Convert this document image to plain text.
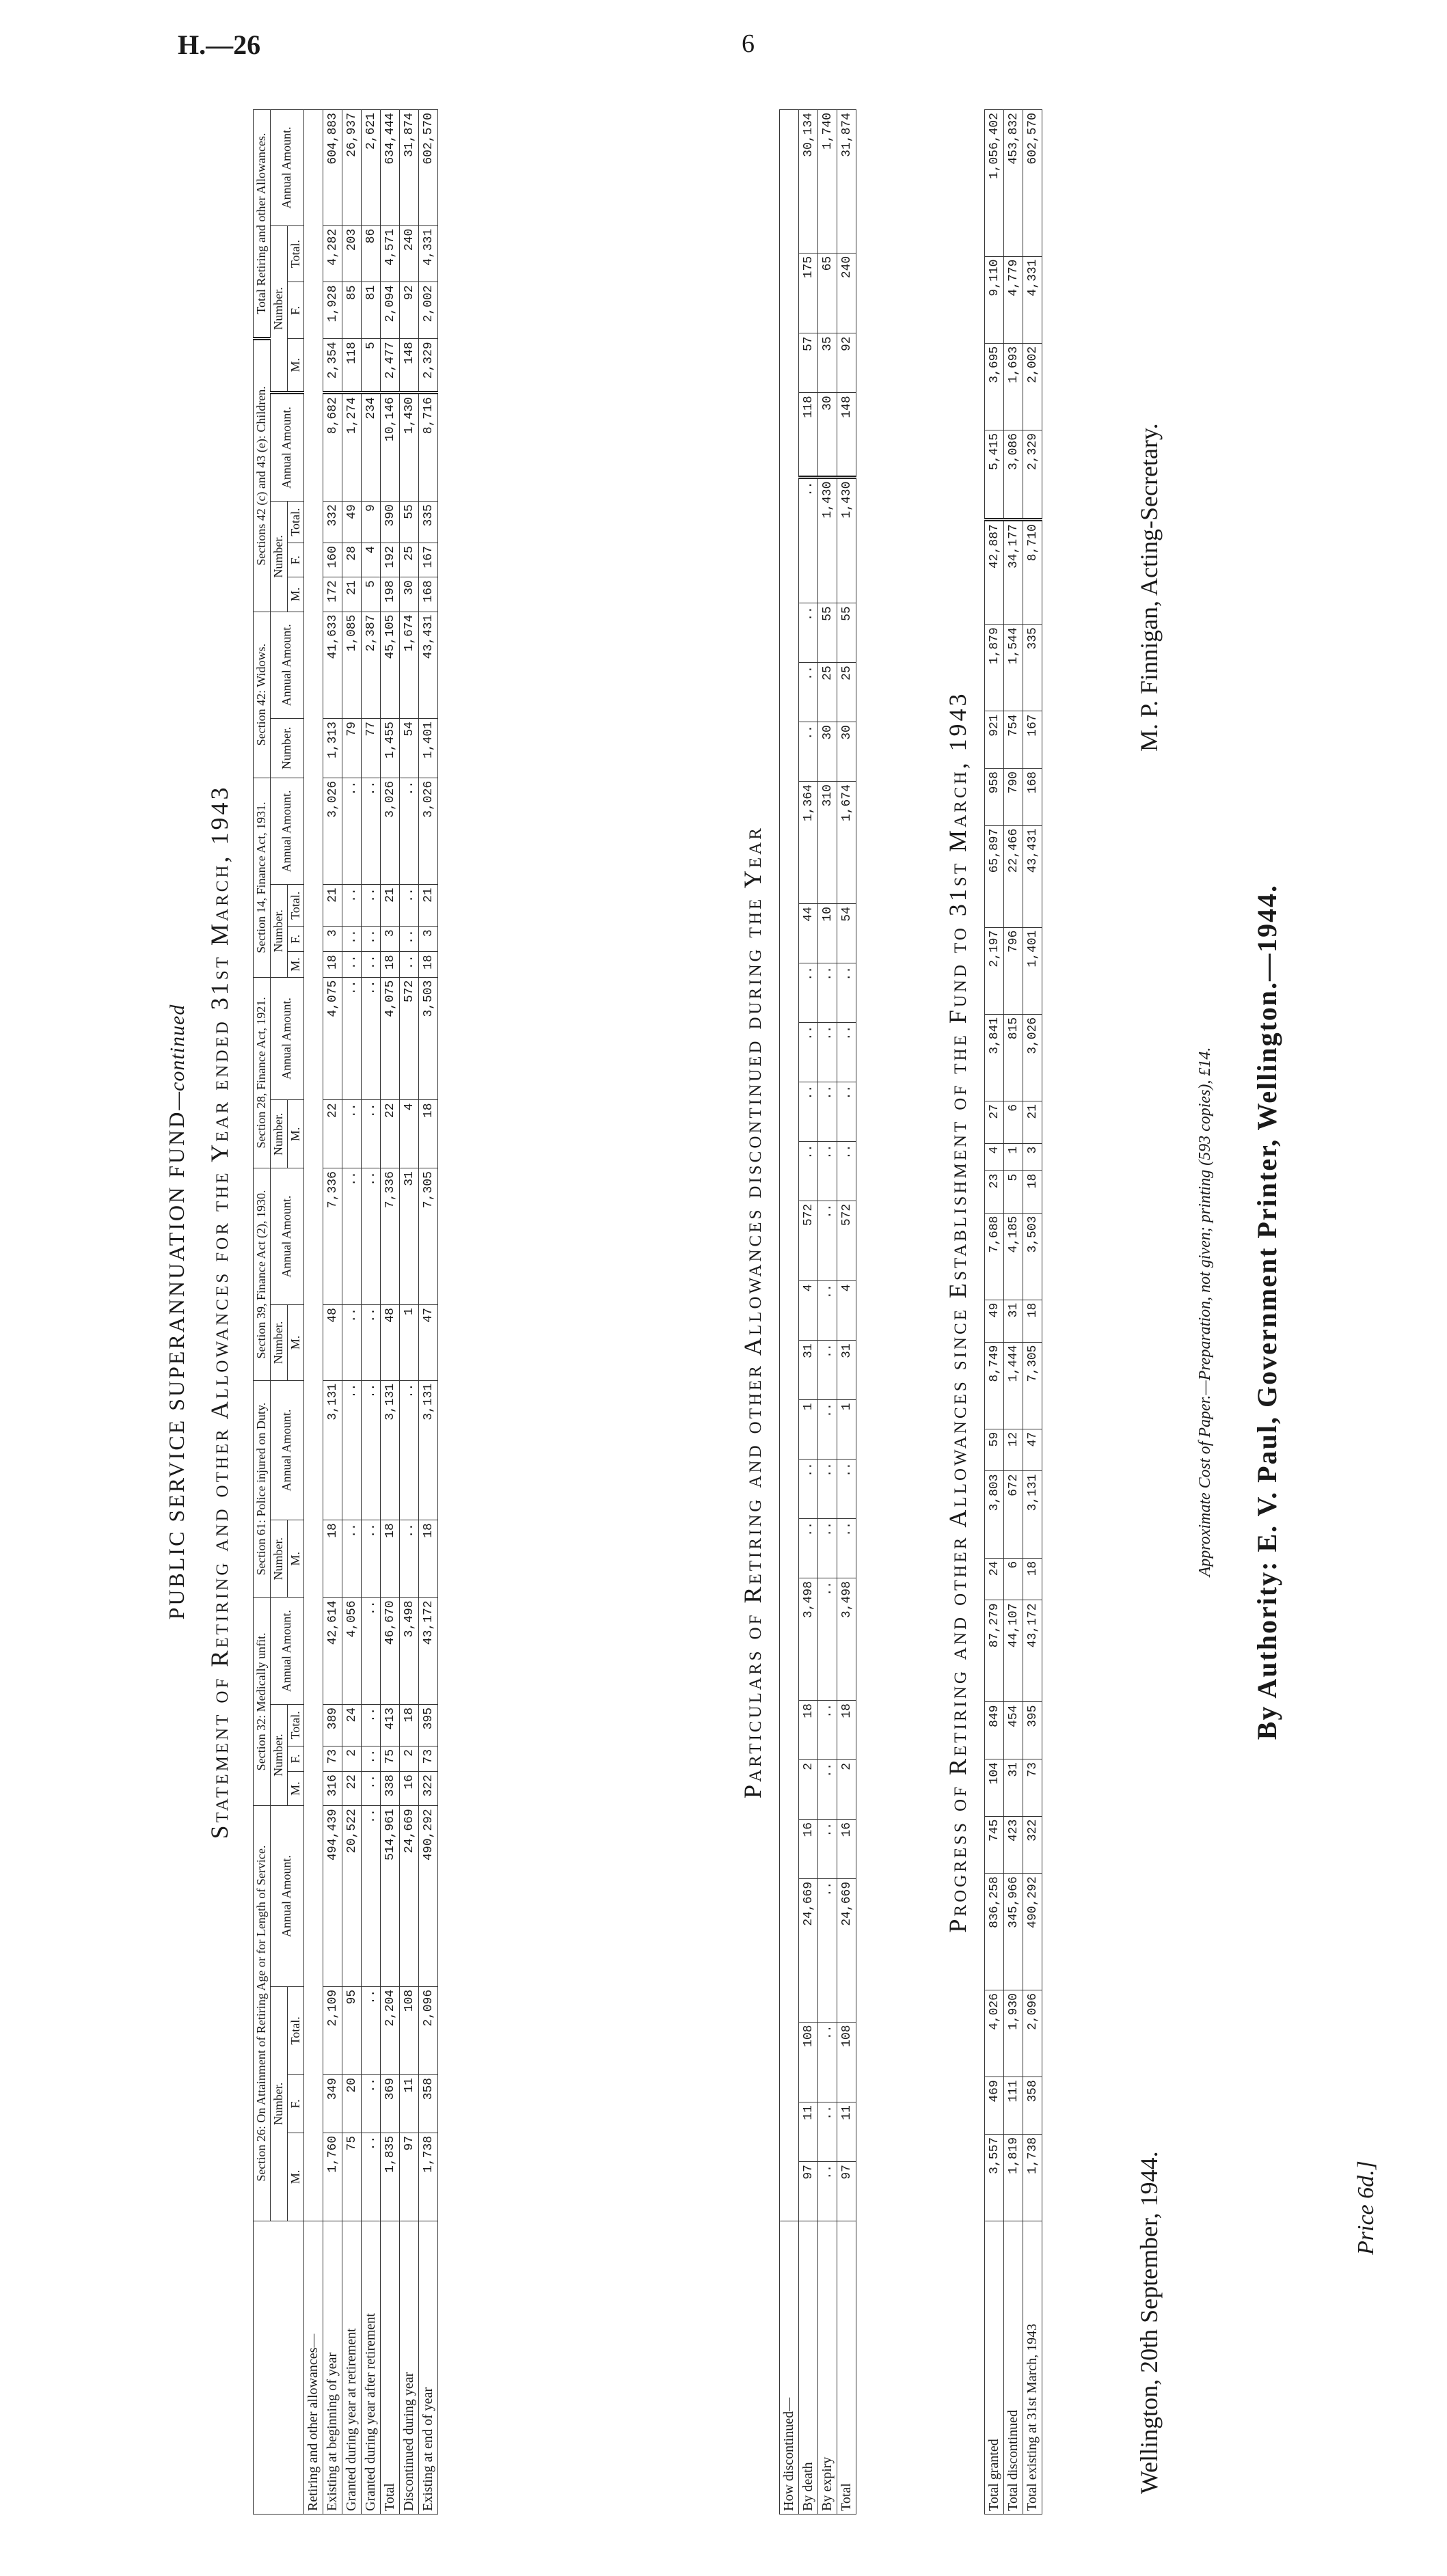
H.—26	6
PUBLIC SERVICE SUPERANNUATION FUND—continued Statement of Retiring and other Allowances for the Year ended 31st March, 1943
	Section 26: On Attainment of Retiring Age or for Length of Service.				Section 32: Medically unfit.				Section 61: Police injured on Duty.		Section 39, Finance Act (2), 1930.		Section 28, Finance Act, 1921.		Section 14, Finance Act, 1931.				Section 42: Widows.		Sections 42 (c) and 43 (e): Children.					Total Retiring and other Allowances.		
	Number.			Annual Amount.	Number.			Annual Amount.	Number.	Annual Amount.	Number.	Annual Amount.	Number.	Annual Amount.	Number.			Annual Amount.	Number.	Annual Amount.	Number.			Annual Amount.	Number.			Annual Amount.
	M.	F.	Total.		M.	F.	Total.		M.		M.		M.		M.	F.	Total.				M.	F.	Total.		M.	F.	Total.	
Retiring and other allowances—																												
Existing at beginning of year	1,760	349	2,109	494,439	316	73	389	42,614	18	3,131	48	7,336	22	4,075	18	3	21	3,026	1,313	41,633	172	160	332	8,682	2,354	1,928	4,282	604,883
Granted during year at retirement	75	20	95	20,522	22	2	24	4,056	..	..	..	..	..	..	..	..	..	..	79	1,085	21	28	49	1,274	118	85	203	26,937
Granted during year after retirement	..	..	..	..	..	..	..	..	..	..	..	..	..	..	..	..	..	..	77	2,387	5	4	9	234	5	81	86	2,621
Total	1,835	369	2,204	514,961	338	75	413	46,670	18	3,131	48	7,336	22	4,075	18	3	21	3,026	1,455	45,105	198	192	390	10,146	2,477	2,094	4,571	634,444
Discontinued during year	97	11	108	24,669	16	2	18	3,498	..	..	1	31	4	572	..	..	..	..	54	1,674	30	25	55	1,430	148	92	240	31,874
Existing at end of year	1,738	358	2,096	490,292	322	73	395	43,172	18	3,131	47	7,305	18	3,503	18	3	21	3,026	1,401	43,431	168	167	335	8,716	2,329	2,002	4,331	602,570
Particulars of Retiring and other Allowances discontinued during the Year
How discontinued—																												
By death	97	11	108	24,669	16	2	18	3,498	..	..	1	31	4	572	..	..	..	..	44	1,364	..	..	..	..	118	57	175	30,134
By expiry	..	..	..	..	..	..	..	..	..	..	..	..	..	..	..	..	..	..	10	310	30	25	55	1,430	30	35	65	1,740
Total	97	11	108	24,669	16	2	18	3,498	..	..	1	31	4	572	..	..	..	..	54	1,674	30	25	55	1,430	148	92	240	31,874
Progress of Retiring and other Allowances since Establishment of the Fund to 31st March, 1943
Total granted	3,557	469	4,026	836,258	745	104	849	87,279	24	3,803	59	8,749	49	7,688	23	4	27	3,841	2,197	65,897	958	921	1,879	42,887	5,415	3,695	9,110	1,056,402
Total discontinued	1,819	111	1,930	345,966	423	31	454	44,107	6	672	12	1,444	31	4,185	5	1	6	815	796	22,466	790	754	1,544	34,177	3,086	1,693	4,779	453,832
Total existing at 31st March, 1943	1,738	358	2,096	490,292	322	73	395	43,172	18	3,131	47	7,305	18	3,503	18	3	21	3,026	1,401	43,431	168	167	335	8,710	2,329	2,002	4,331	602,570
Wellington, 20th September, 1944.
M. P. Finnigan, Acting-Secretary.
Approximate Cost of Paper.—Preparation, not given; printing (593 copies), £14. By Authority: E. V. Paul, Government Printer, Wellington.—1944.
Price 6d.]
